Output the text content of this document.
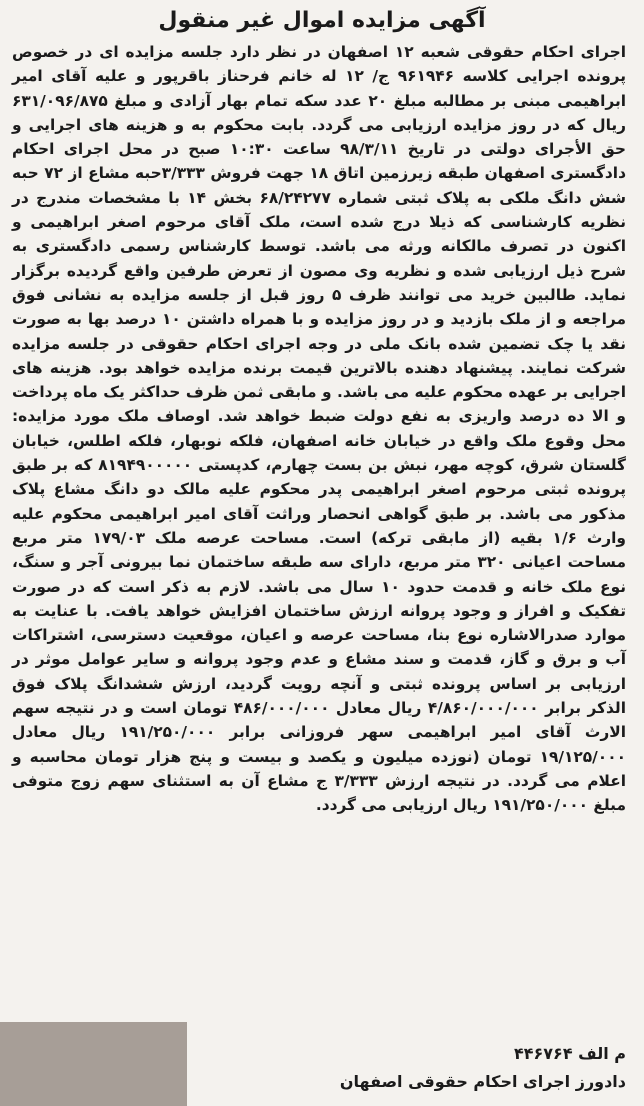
آگهی مزایده اموال غیر منقول

اجرای احکام حقوقی شعبه ۱۲ اصفهان در نظر دارد جلسه مزایده ای در خصوص پرونده اجرایی کلاسه ۹۶۱۹۴۶ ج/ ۱۲ له خانم فرحناز باقرپور و علیه آقای امیر ابراهیمی مبنی بر مطالبه مبلغ ۲۰ عدد سکه تمام بهار آزادی و مبلغ ۶۳۱/۰۹۶/۸۷۵ ریال که در روز مزایده ارزیابی می گردد. بابت محکوم به و هزینه های اجرایی و حق الأجرای دولتی در تاریخ ۹۸/۳/۱۱ ساعت ۱۰:۳۰ صبح در محل اجرای احکام دادگستری اصفهان طبقه زیرزمین اتاق ۱۸ جهت فروش ۳/۳۳۳حبه مشاع از ۷۲ حبه شش دانگ ملکی به پلاک ثبتی شماره ۶۸/۲۴۲۷۷ بخش ۱۴ با مشخصات مندرج در نظریه کارشناسی که ذیلا درج شده است، ملک آقای مرحوم اصغر ابراهیمی و اکنون در تصرف مالکانه ورثه می باشد. توسط کارشناس رسمی دادگستری به شرح ذیل ارزیابی شده و نظریه وی مصون از تعرض طرفین واقع گردیده برگزار نماید. طالبین خرید می توانند ظرف ۵ روز قبل از جلسه مزایده به نشانی فوق مراجعه و از ملک بازدید و در روز مزایده و با همراه داشتن ۱۰ درصد بها به صورت نقد یا چک تضمین شده بانک ملی در وجه اجرای احکام حقوقی در جلسه مزایده شرکت نمایند. پیشنهاد دهنده بالاترین قیمت برنده مزایده خواهد بود. هزینه های اجرایی بر عهده محکوم علیه می باشد. و مابقی ثمن ظرف حداکثر یک ماه پرداخت و الا ده درصد واریزی به نفع دولت ضبط خواهد شد. اوصاف ملک مورد مزایده: محل وقوع ملک واقع در خیابان خانه اصفهان، فلکه نوبهار، فلکه اطلس، خیابان گلستان شرق، کوچه مهر، نبش بن بست چهارم، کدپستی ۸۱۹۴۹۰۰۰۰۰ که بر طبق پرونده ثبتی مرحوم اصغر ابراهیمی پدر محکوم علیه مالک دو دانگ مشاع پلاک مذکور می باشد. بر طبق گواهی انحصار وراثت آقای امیر ابراهیمی محکوم علیه وارث ۱/۶ بقیه (از مابقی ترکه) است. مساحت عرصه ملک ۱۷۹/۰۳ متر مربع مساحت اعیانی ۳۲۰ متر مربع، دارای سه طبقه ساختمان نما بیرونی آجر و سنگ، نوع ملک خانه و قدمت حدود ۱۰ سال می باشد. لازم به ذکر است که در صورت تفکیک و افراز و وجود پروانه ارزش ساختمان افزایش خواهد یافت. با عنایت به موارد صدرالاشاره نوع بنا، مساحت عرصه و اعیان، موقعیت دسترسی، اشتراکات آب و برق و گاز، قدمت و سند مشاع و عدم وجود پروانه و سایر عوامل موثر در ارزیابی بر اساس پرونده ثبتی و آنچه رویت گردید، ارزش ششدانگ پلاک فوق الذکر برابر ۴/۸۶۰/۰۰۰/۰۰۰ ریال معادل ۴۸۶/۰۰۰/۰۰۰ تومان است و در نتیجه سهم الارث آقای امیر ابراهیمی سهر فروزانی برابر ۱۹۱/۲۵۰/۰۰۰ ریال معادل ۱۹/۱۲۵/۰۰۰ تومان (نوزده میلیون و یکصد و بیست و پنج هزار تومان محاسبه و اعلام می گردد. در نتیجه ارزش ۳/۳۳۳ ج مشاع آن به استثنای سهم زوج متوفی مبلغ ۱۹۱/۲۵۰/۰۰۰ ریال ارزیابی می گردد.

م الف ۴۴۶۷۶۴
دادورز اجرای احکام حقوقی اصفهان
